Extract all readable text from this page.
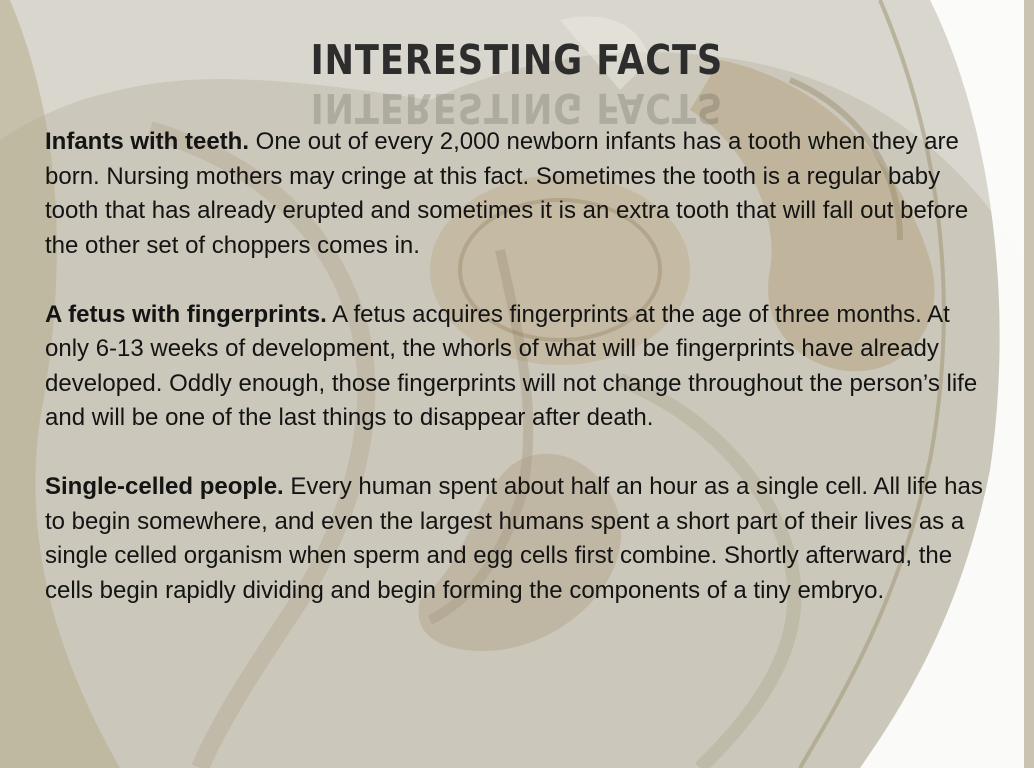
INTERESTING FACTS
INTERESTING FACTS

Infants with teeth. One out of every 2,000 newborn infants has a tooth when they are born. Nursing mothers may cringe at this fact. Sometimes the tooth is a regular baby tooth that has already erupted and sometimes it is an extra tooth that will fall out before the other set of choppers comes in.

A fetus with fingerprints. A fetus acquires fingerprints at the age of three months. At only 6-13 weeks of development, the whorls of what will be fingerprints have already developed. Oddly enough, those fingerprints will not change throughout the person’s life and will be one of the last things to disappear after death.

Single-celled people. Every human spent about half an hour as a single cell. All life has to begin somewhere, and even the largest humans spent a short part of their lives as a single celled organism when sperm and egg cells first combine. Shortly afterward, the cells begin rapidly dividing and begin forming the components of a tiny embryo.
